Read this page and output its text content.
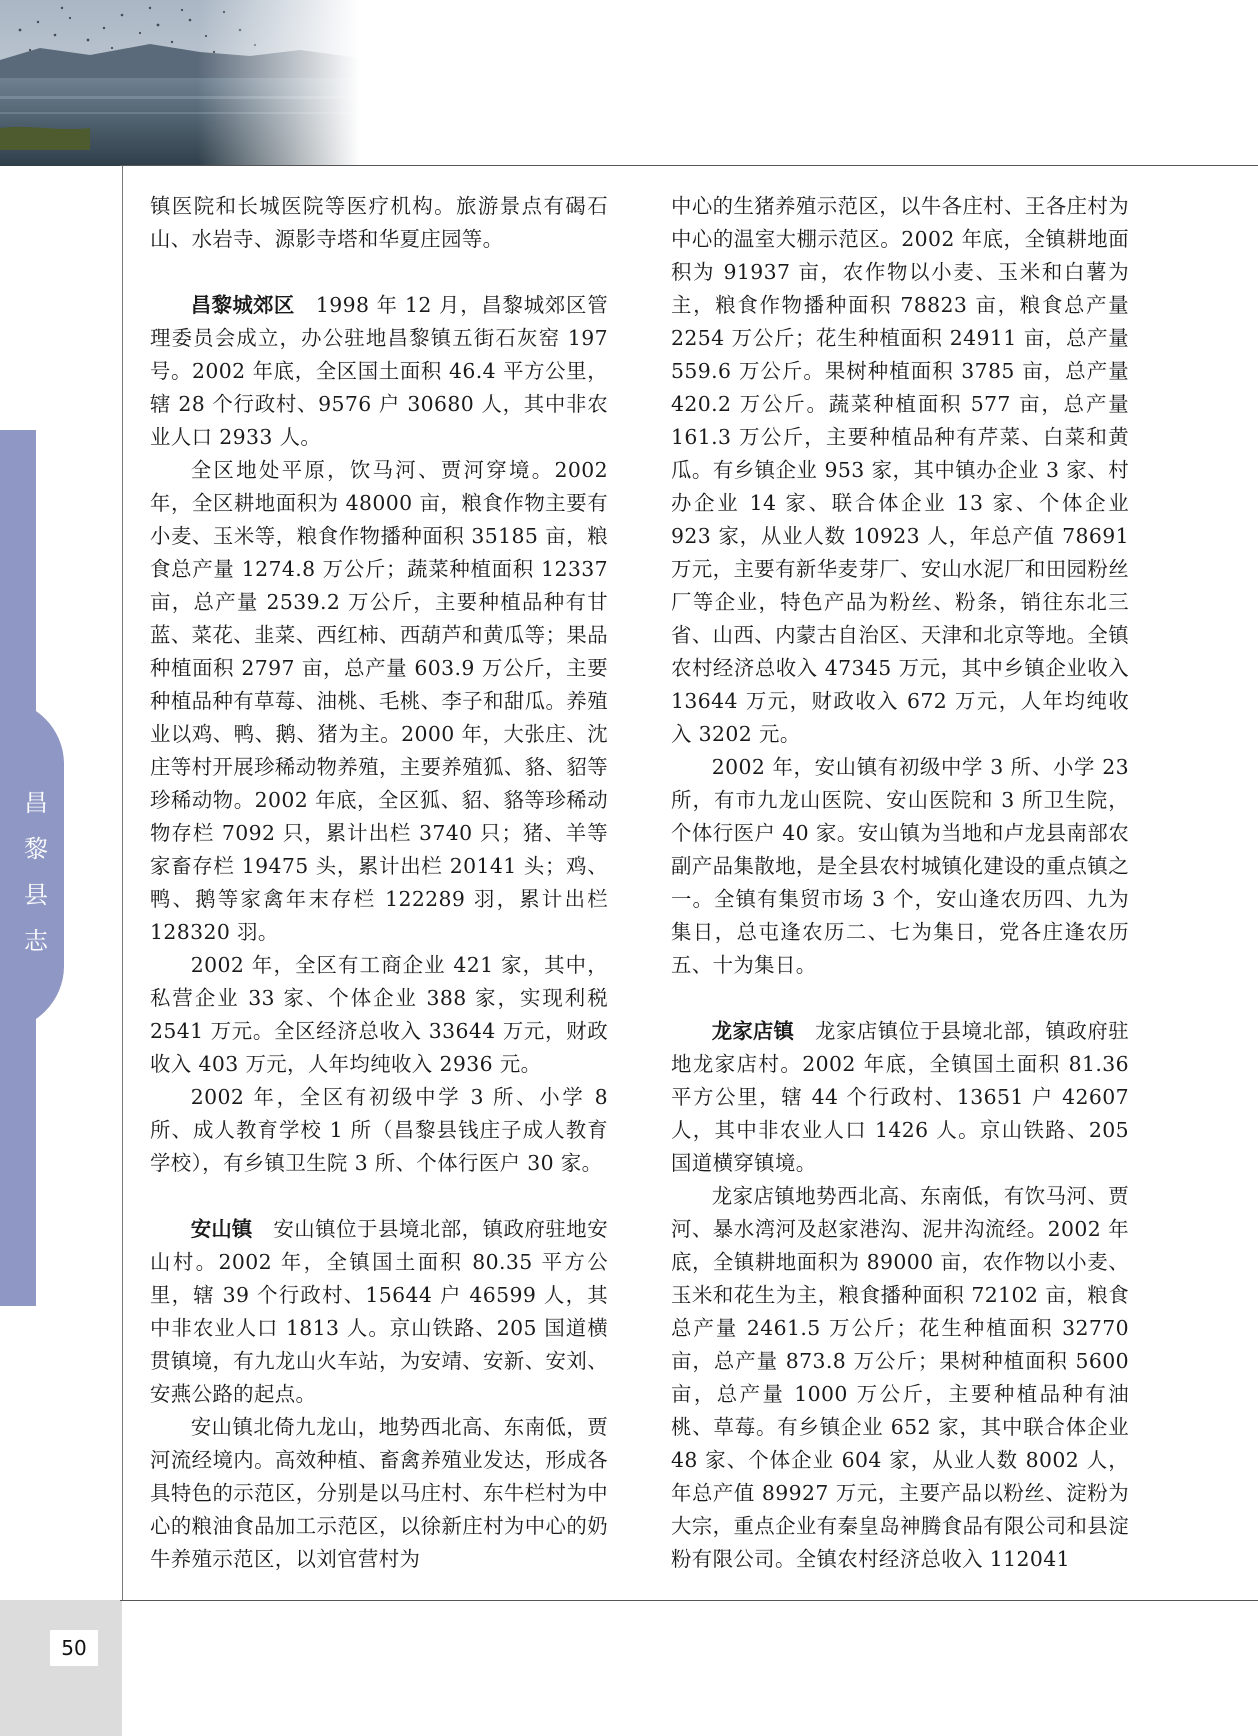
昌
黎
县
志

镇医院和长城医院等医疗机构。旅游景点有碣石山、水岩寺、源影寺塔和华夏庄园等。

昌黎城郊区　 1998 年 12 月，昌黎城郊区管理委员会成立，办公驻地昌黎镇五街石灰窑 197 号。2002 年底，全区国土面积 46.4 平方公里，辖 28 个行政村、9576 户 30680 人，其中非农业人口 2933 人。

全区地处平原，饮马河、贾河穿境。2002 年，全区耕地面积为 48000 亩，粮食作物主要有小麦、玉米等，粮食作物播种面积 35185 亩，粮食总产量 1274.8 万公斤；蔬菜种植面积 12337 亩，总产量 2539.2 万公斤，主要种植品种有甘蓝、菜花、韭菜、西红柿、西葫芦和黄瓜等；果品种植面积 2797 亩，总产量 603.9 万公斤，主要种植品种有草莓、油桃、毛桃、李子和甜瓜。养殖业以鸡、鸭、鹅、猪为主。2000 年，大张庄、沈庄等村开展珍稀动物养殖，主要养殖狐、貉、貂等珍稀动物。2002 年底，全区狐、貂、貉等珍稀动物存栏 7092 只，累计出栏 3740 只；猪、羊等家畜存栏 19475 头，累计出栏 20141 头；鸡、鸭、鹅等家禽年末存栏 122289 羽，累计出栏 128320 羽。

2002 年，全区有工商企业 421 家，其中，私营企业 33 家、个体企业 388 家，实现利税 2541 万元。全区经济总收入 33644 万元，财政收入 403 万元，人年均纯收入 2936 元。

2002 年，全区有初级中学 3 所、小学 8 所、成人教育学校 1 所（昌黎县钱庄子成人教育学校），有乡镇卫生院 3 所、个体行医户 30 家。

安山镇　 安山镇位于县境北部，镇政府驻地安山村。2002 年，全镇国土面积 80.35 平方公里，辖 39 个行政村、15644 户 46599 人，其中非农业人口 1813 人。京山铁路、205 国道横贯镇境，有九龙山火车站，为安靖、安新、安刘、安燕公路的起点。

安山镇北倚九龙山，地势西北高、东南低，贾河流经境内。高效种植、畜禽养殖业发达，形成各具特色的示范区，分别是以马庄村、东牛栏村为中心的粮油食品加工示范区，以徐新庄村为中心的奶牛养殖示范区，以刘官营村为

中心的生猪养殖示范区，以牛各庄村、王各庄村为中心的温室大棚示范区。2002 年底，全镇耕地面积为 91937 亩，农作物以小麦、玉米和白薯为主，粮食作物播种面积 78823 亩，粮食总产量 2254 万公斤；花生种植面积 24911 亩，总产量 559.6 万公斤。果树种植面积 3785 亩，总产量 420.2 万公斤。蔬菜种植面积 577 亩，总产量 161.3 万公斤，主要种植品种有芹菜、白菜和黄瓜。有乡镇企业 953 家，其中镇办企业 3 家、村办企业 14 家、联合体企业 13 家、个体企业 923 家，从业人数 10923 人，年总产值 78691 万元，主要有新华麦芽厂、安山水泥厂和田园粉丝厂等企业，特色产品为粉丝、粉条，销往东北三省、山西、内蒙古自治区、天津和北京等地。全镇农村经济总收入 47345 万元，其中乡镇企业收入 13644 万元，财政收入 672 万元，人年均纯收入 3202 元。

2002 年，安山镇有初级中学 3 所、小学 23 所，有市九龙山医院、安山医院和 3 所卫生院，个体行医户 40 家。安山镇为当地和卢龙县南部农副产品集散地，是全县农村城镇化建设的重点镇之一。全镇有集贸市场 3 个，安山逢农历四、九为集日，总屯逢农历二、七为集日，党各庄逢农历五、十为集日。

龙家店镇　 龙家店镇位于县境北部，镇政府驻地龙家店村。2002 年底，全镇国土面积 81.36 平方公里，辖 44 个行政村、13651 户 42607 人，其中非农业人口 1426 人。京山铁路、205 国道横穿镇境。

龙家店镇地势西北高、东南低，有饮马河、贾河、暴水湾河及赵家港沟、泥井沟流经。2002 年底，全镇耕地面积为 89000 亩，农作物以小麦、玉米和花生为主，粮食播种面积 72102 亩，粮食总产量 2461.5 万公斤；花生种植面积 32770 亩，总产量 873.8 万公斤；果树种植面积 5600 亩，总产量 1000 万公斤，主要种植品种有油桃、草莓。有乡镇企业 652 家，其中联合体企业 48 家、个体企业 604 家，从业人数 8002 人，年总产值 89927 万元，主要产品以粉丝、淀粉为大宗，重点企业有秦皇岛神腾食品有限公司和县淀粉有限公司。全镇农村经济总收入 112041

50
